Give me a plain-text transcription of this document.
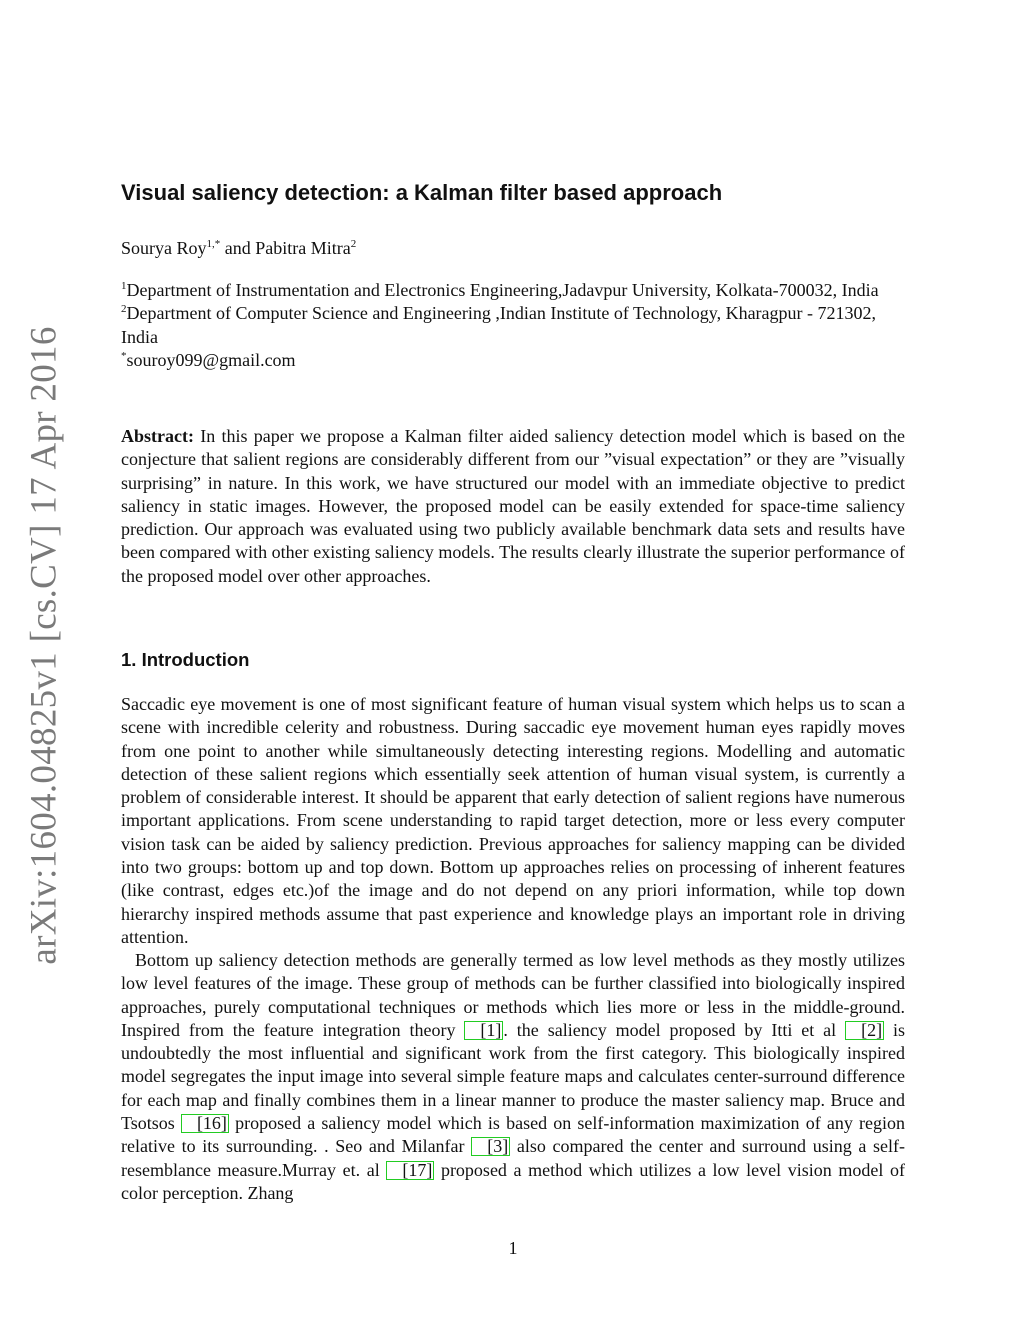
arXiv:1604.04825v1 [cs.CV] 17 Apr 2016
Visual saliency detection: a Kalman filter based approach
Sourya Roy$^{1,*}$ and Pabitra Mitra$^2$

$^1$Department of Instrumentation and Electronics Engineering,Jadavpur University, Kolkata-700032, India

$^2$Department of Computer Science and Engineering ,Indian Institute of Technology, Kharagpur - 721302, India

*souroy099@gmail.com

Abstract: In this paper we propose a Kalman filter aided saliency detection model which is based on the conjecture that salient regions are considerably different from our ”visual expectation” or they are ”visually surprising” in nature. In this work, we have structured our model with an immediate objective to predict saliency in static images. However, the proposed model can be easily extended for space-time saliency prediction. Our approach was evaluated using two publicly available benchmark data sets and results have been compared with other existing saliency models. The results clearly illustrate the superior performance of the proposed model over other approaches.

1. Introduction

Saccadic eye movement is one of most significant feature of human visual system which helps us to scan a scene with incredible celerity and robustness. During saccadic eye movement human eyes rapidly moves from one point to another while simultaneously detecting interesting regions. Modelling and automatic detection of these salient regions which essentially seek attention of human visual system, is currently a problem of considerable interest. It should be apparent that early detection of salient regions have numerous important applications. From scene understanding to rapid target detection, more or less every computer vision task can be aided by saliency prediction. Previous approaches for saliency mapping can be divided into two groups: bottom up and top down. Bottom up approaches relies on processing of inherent features (like contrast, edges etc.)of the image and do not depend on any priori information, while top down hierarchy inspired methods assume that past experience and knowledge plays an important role in driving attention.

Bottom up saliency detection methods are generally termed as low level methods as they mostly utilizes low level features of the image. These group of methods can be further classified into biologically inspired approaches, purely computational techniques or methods which lies more or less in the middle-ground. Inspired from the feature integration theory [1] . the saliency model proposed by Itti et al [2] is undoubtedly the most influential and significant work from the first category. This biologically inspired model segregates the input image into several simple feature maps and calculates center-surround difference for each map and finally combines them in a linear manner to produce the master saliency map. Bruce and Tsotsos [16] proposed a saliency model which is based on self-information maximization of any region relative to its surrounding. . Seo and Milanfar [3] also compared the center and surround using a self-resemblance measure.Murray et. al [17] proposed a method which utilizes a low level vision model of color perception. Zhang

1
